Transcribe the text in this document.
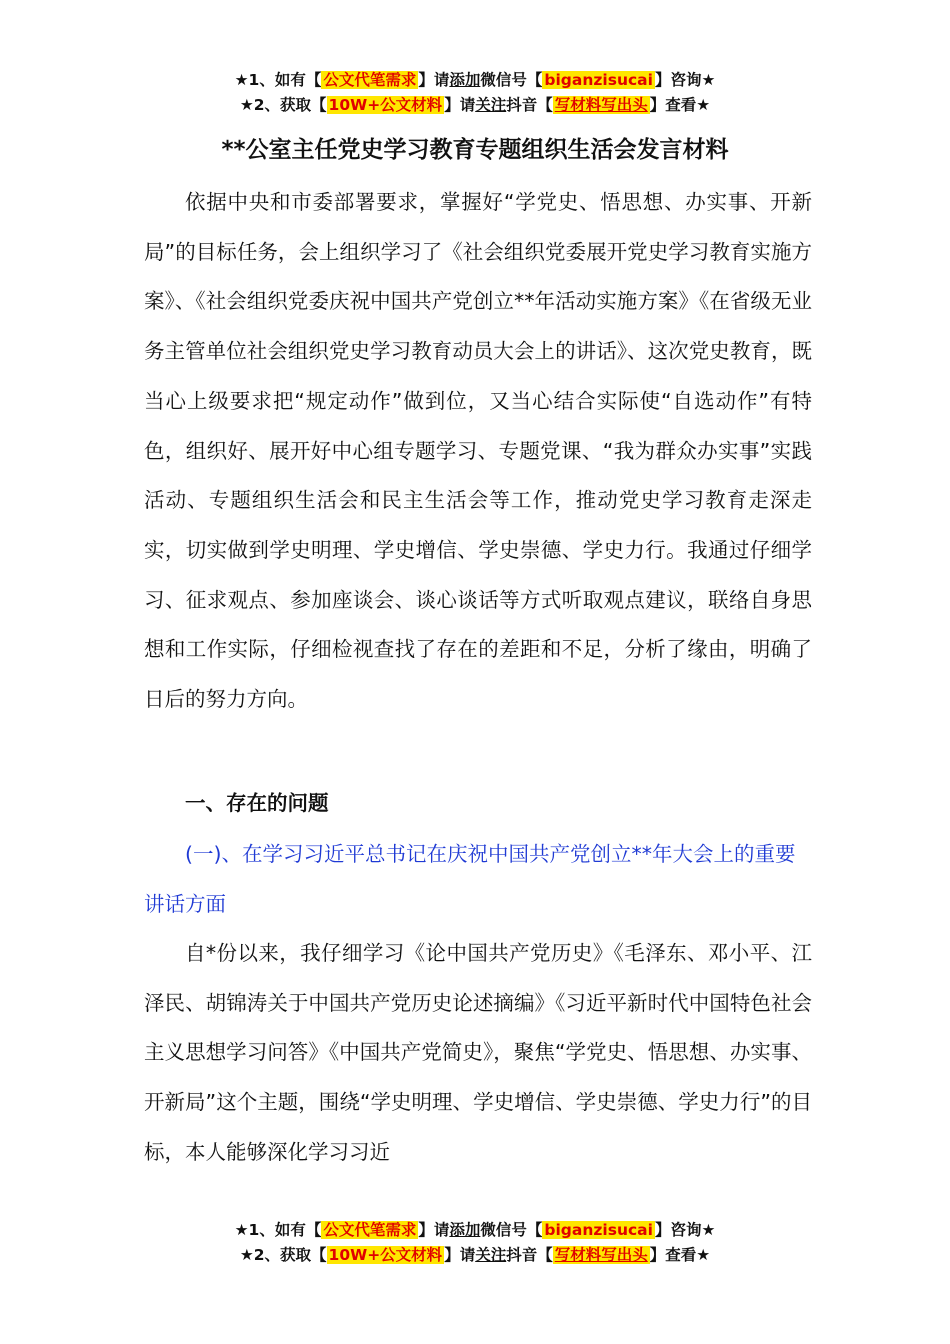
★1、如有【 公文代笔需求 】请添加微信号【 biganzisucai 】咨询★
★2、获取【 10W+公文材料 】请关注抖音【 写材料写出头 】查看★
**公室主任党史学习教育专题组织生活会发言材料

依据中央和市委部署要求，掌握好“学党史、悟思想、办实事、开新局”的目标任务，会上组织学习了《社会组织党委展开党史学习教育实施方案》、《社会组织党委庆祝中国共产党创立**年活动实施方案》《在省级无业务主管单位社会组织党史学习教育动员大会上的讲话》、这次党史教育，既当心上级要求把“规定动作”做到位，又当心结合实际使“自选动作”有特色，组织好、展开好中心组专题学习、专题党课、“我为群众办实事”实践活动、专题组织生活会和民主生活会等工作，推动党史学习教育走深走实，切实做到学史明理、学史增信、学史崇德、学史力行。我通过仔细学习、征求观点、参加座谈会、谈心谈话等方式听取观点建议，联络自身思想和工作实际，仔细检视查找了存在的差距和不足，分析了缘由，明确了日后的努力方向。

一、存在的问题

(一)、在学习习近平总书记在庆祝中国共产党创立**年大会上的重要讲话方面

自*份以来，我仔细学习《论中国共产党历史》《毛泽东、邓小平、江泽民、胡锦涛关于中国共产党历史论述摘编》《习近平新时代中国特色社会主义思想学习问答》《中国共产党简史》，聚焦“学党史、悟思想、办实事、开新局”这个主题，围绕“学史明理、学史增信、学史崇德、学史力行”的目标，本人能够深化学习习近

★1、如有【 公文代笔需求 】请添加微信号【 biganzisucai 】咨询★
★2、获取【 10W+公文材料 】请关注抖音【 写材料写出头 】查看★
